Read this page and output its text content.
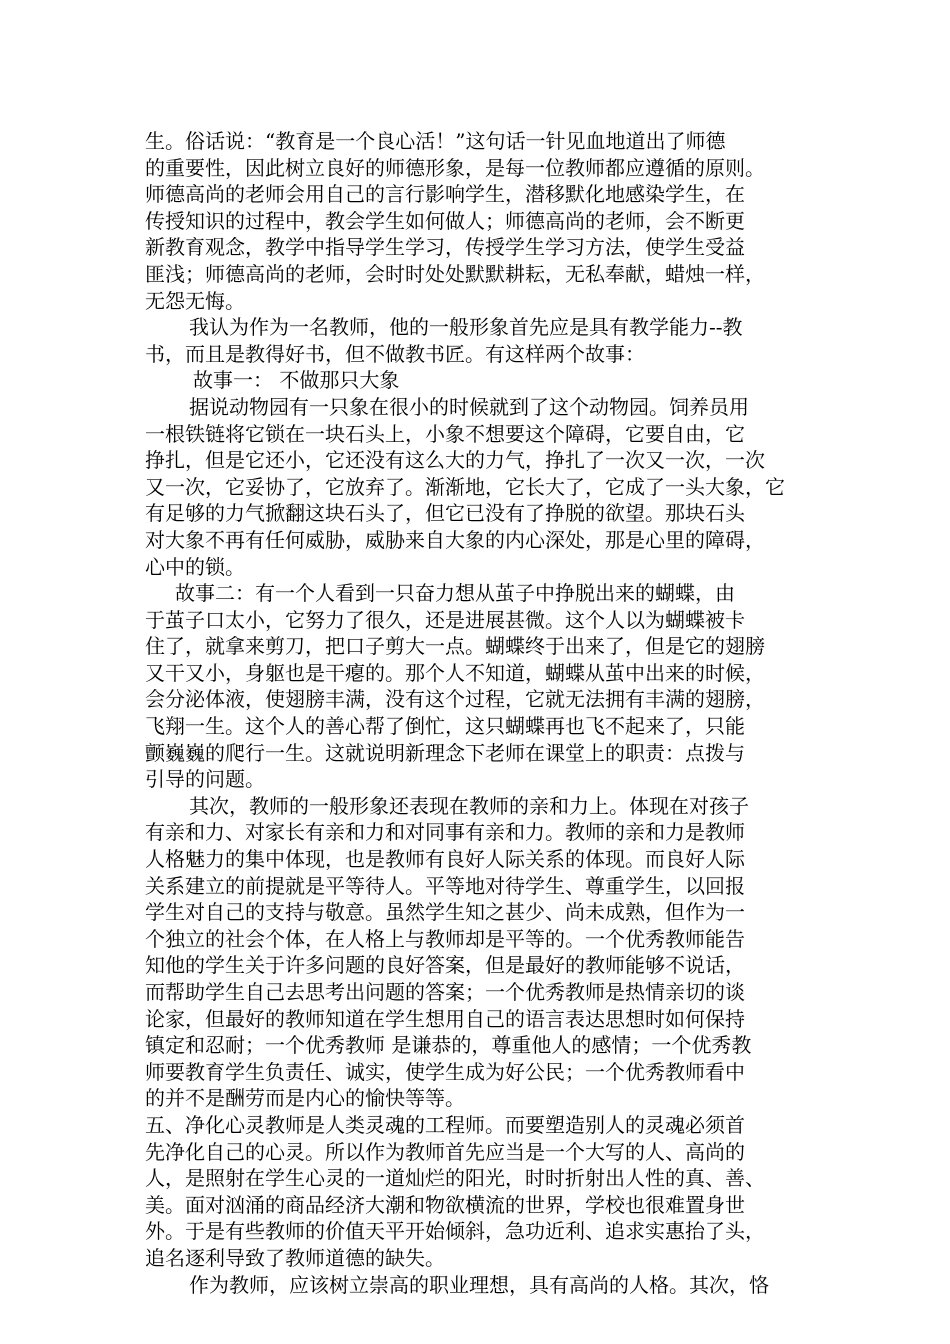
生。俗话说：“教育是一个良心活！”这句话一针见血地道出了师德
的重要性，因此树立良好的师德形象，是每一位教师都应遵循的原则。
师德高尚的老师会用自己的言行影响学生，潜移默化地感染学生，在
传授知识的过程中，教会学生如何做人；师德高尚的老师，会不断更
新教育观念，教学中指导学生学习，传授学生学习方法，使学生受益
匪浅；师德高尚的老师，会时时处处默默耕耘，无私奉献，蜡烛一样，
无怨无悔。
我认为作为一名教师，他的一般形象首先应是具有教学能力--教
书，而且是教得好书，但不做教书匠。有这样两个故事：
故事一： 不做那只大象
据说动物园有一只象在很小的时候就到了这个动物园。饲养员用
一根铁链将它锁在一块石头上，小象不想要这个障碍，它要自由，它
挣扎，但是它还小，它还没有这么大的力气，挣扎了一次又一次，一次
又一次，它妥协了，它放弃了。渐渐地，它长大了，它成了一头大象，它
有足够的力气掀翻这块石头了，但它已没有了挣脱的欲望。那块石头
对大象不再有任何威胁，威胁来自大象的内心深处，那是心里的障碍，
心中的锁。
故事二：有一个人看到一只奋力想从茧子中挣脱出来的蝴蝶，由
于茧子口太小，它努力了很久，还是进展甚微。这个人以为蝴蝶被卡
住了，就拿来剪刀，把口子剪大一点。蝴蝶终于出来了，但是它的翅膀
又干又小，身躯也是干瘪的。那个人不知道，蝴蝶从茧中出来的时候，
会分泌体液，使翅膀丰满，没有这个过程，它就无法拥有丰满的翅膀，
飞翔一生。这个人的善心帮了倒忙，这只蝴蝶再也飞不起来了，只能
颤巍巍的爬行一生。这就说明新理念下老师在课堂上的职责：点拨与
引导的问题。
其次，教师的一般形象还表现在教师的亲和力上。体现在对孩子
有亲和力、对家长有亲和力和对同事有亲和力。教师的亲和力是教师
人格魅力的集中体现，也是教师有良好人际关系的体现。而良好人际
关系建立的前提就是平等待人。平等地对待学生、尊重学生，以回报
学生对自己的支持与敬意。虽然学生知之甚少、尚未成熟，但作为一
个独立的社会个体，在人格上与教师却是平等的。一个优秀教师能告
知他的学生关于许多问题的良好答案，但是最好的教师能够不说话，
而帮助学生自己去思考出问题的答案；一个优秀教师是热情亲切的谈
论家，但最好的教师知道在学生想用自己的语言表达思想时如何保持
镇定和忍耐；一个优秀教师 是谦恭的，尊重他人的感情；一个优秀教
师要教育学生负责任、诚实，使学生成为好公民；一个优秀教师看中
的并不是酬劳而是内心的愉快等等。
五、净化心灵教师是人类灵魂的工程师。而要塑造别人的灵魂必须首
先净化自己的心灵。所以作为教师首先应当是一个大写的人、高尚的
人，是照射在学生心灵的一道灿烂的阳光，时时折射出人性的真、善、
美。面对汹涌的商品经济大潮和物欲横流的世界，学校也很难置身世
外。于是有些教师的价值天平开始倾斜，急功近利、追求实惠抬了头，
追名逐利导致了教师道德的缺失。
作为教师，应该树立崇高的职业理想，具有高尚的人格。其次，恪
